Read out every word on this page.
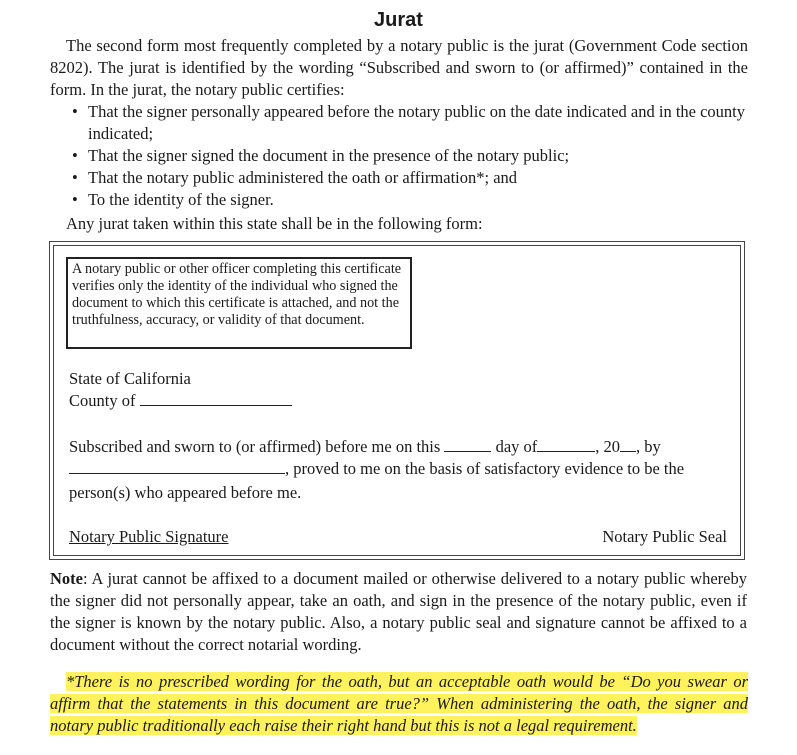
Jurat
The second form most frequently completed by a notary public is the jurat (Government Code section 8202). The jurat is identified by the wording “Subscribed and sworn to (or affirmed)” contained in the form. In the jurat, the notary public certifies:
• That the signer personally appeared before the notary public on the date indicated and in the county indicated;
• That the signer signed the document in the presence of the notary public;
• That the notary public administered the oath or affirmation*; and
• To the identity of the signer.
Any jurat taken within this state shall be in the following form:
A notary public or other officer completing this certificate verifies only the identity of the individual who signed the document to which this certificate is attached, and not the truthfulness, accuracy, or validity of that document.
State of California
County of
Subscribed and sworn to (or affirmed) before me on this	day of	, 20 , by
, proved to me on the basis of satisfactory evidence to be the
person(s) who appeared before me.
Notary Public Signature	Notary Public Seal
Note: A jurat cannot be affixed to a document mailed or otherwise delivered to a notary public whereby the signer did not personally appear, take an oath, and sign in the presence of the notary public, even if the signer is known by the notary public. Also, a notary public seal and signature cannot be affixed to a document without the correct notarial wording.
*There is no prescribed wording for the oath, but an acceptable oath would be “Do you swear or affirm that the statements in this document are true?” When administering the oath, the signer and notary public traditionally each raise their right hand but this is not a legal requirement.
